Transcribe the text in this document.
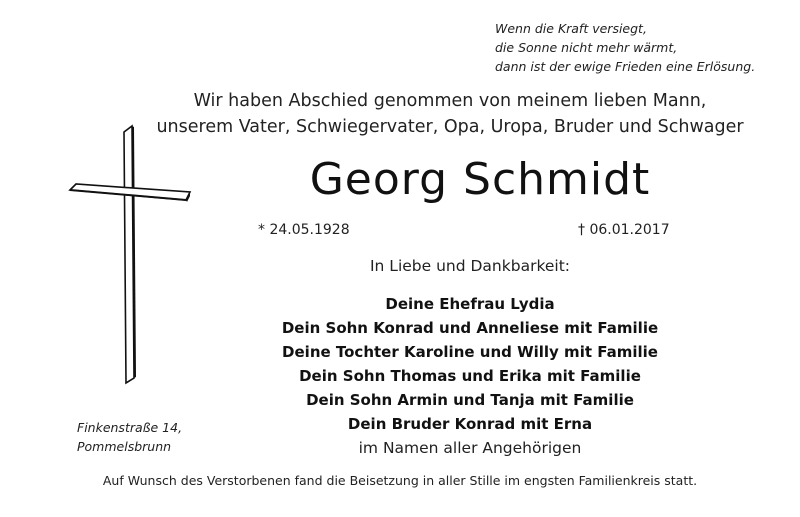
Wenn die Kraft versiegt,
die Sonne nicht mehr wärmt,
dann ist der ewige Frieden eine Erlösung.
Wir haben Abschied genommen von meinem lieben Mann,
unserem Vater, Schwiegervater, Opa, Uropa, Bruder und Schwager
Georg Schmidt
* 24.05.1928	† 06.01.2017
In Liebe und Dankbarkeit:
Deine Ehefrau Lydia
Dein Sohn Konrad und Anneliese mit Familie
Deine Tochter Karoline und Willy mit Familie
Dein Sohn Thomas und Erika mit Familie
Dein Sohn Armin und Tanja mit Familie
Dein Bruder Konrad mit Erna
im Namen aller Angehörigen
Finkenstraße 14,
Pommelsbrunn
Auf Wunsch des Verstorbenen fand die Beisetzung in aller Stille im engsten Familienkreis statt.
